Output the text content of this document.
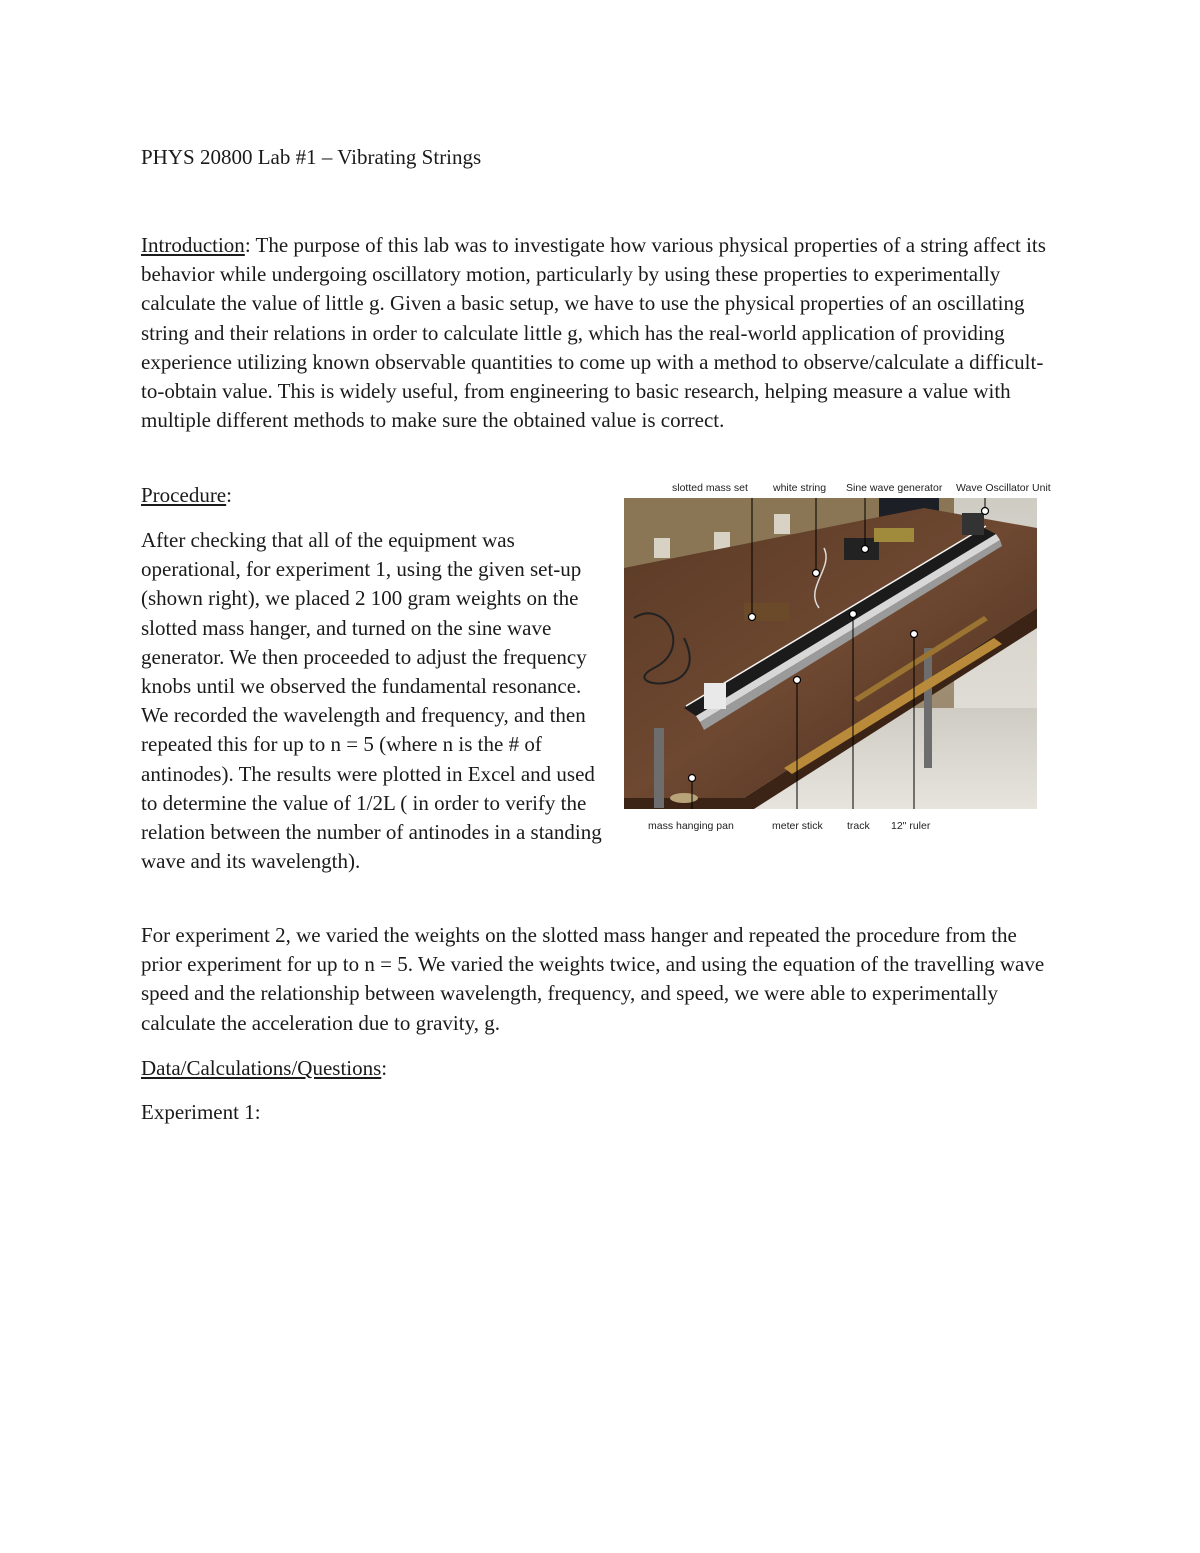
PHYS 20800 Lab #1 – Vibrating Strings

Introduction: The purpose of this lab was to investigate how various physical properties of a string affect its behavior while undergoing oscillatory motion, particularly by using these properties to experimentally calculate the value of little g. Given a basic setup, we have to use the physical properties of an oscillating string and their relations in order to calculate little g, which has the real-world application of providing experience utilizing known observable quantities to come up with a method to observe/calculate a difficult-to-obtain value. This is widely useful, from engineering to basic research, helping measure a value with multiple different methods to make sure the obtained value is correct.

Procedure:	slotted mass set white string Sine wave generator Wave Oscillator Unit
mass hanging pan	meter stick track 12" ruler

After checking that all of the equipment was operational, for experiment 1, using the given set-up (shown right), we placed 2 100 gram weights on the slotted mass hanger, and turned on the sine wave generator. We then proceeded to adjust the frequency knobs until we observed the fundamental resonance. We recorded the wavelength and frequency, and then repeated this for up to n = 5 (where n is the # of antinodes). The results were plotted in Excel and used to determine the value of 1/2L ( in order to verify the relation between the number of antinodes in a standing wave and its wavelength).

For experiment 2, we varied the weights on the slotted mass hanger and repeated the procedure from the prior experiment for up to n = 5. We varied the weights twice, and using the equation of the travelling wave speed and the relationship between wavelength, frequency, and speed, we were able to experimentally calculate the acceleration due to gravity, g.

Data/Calculations/Questions:

Experiment 1:
